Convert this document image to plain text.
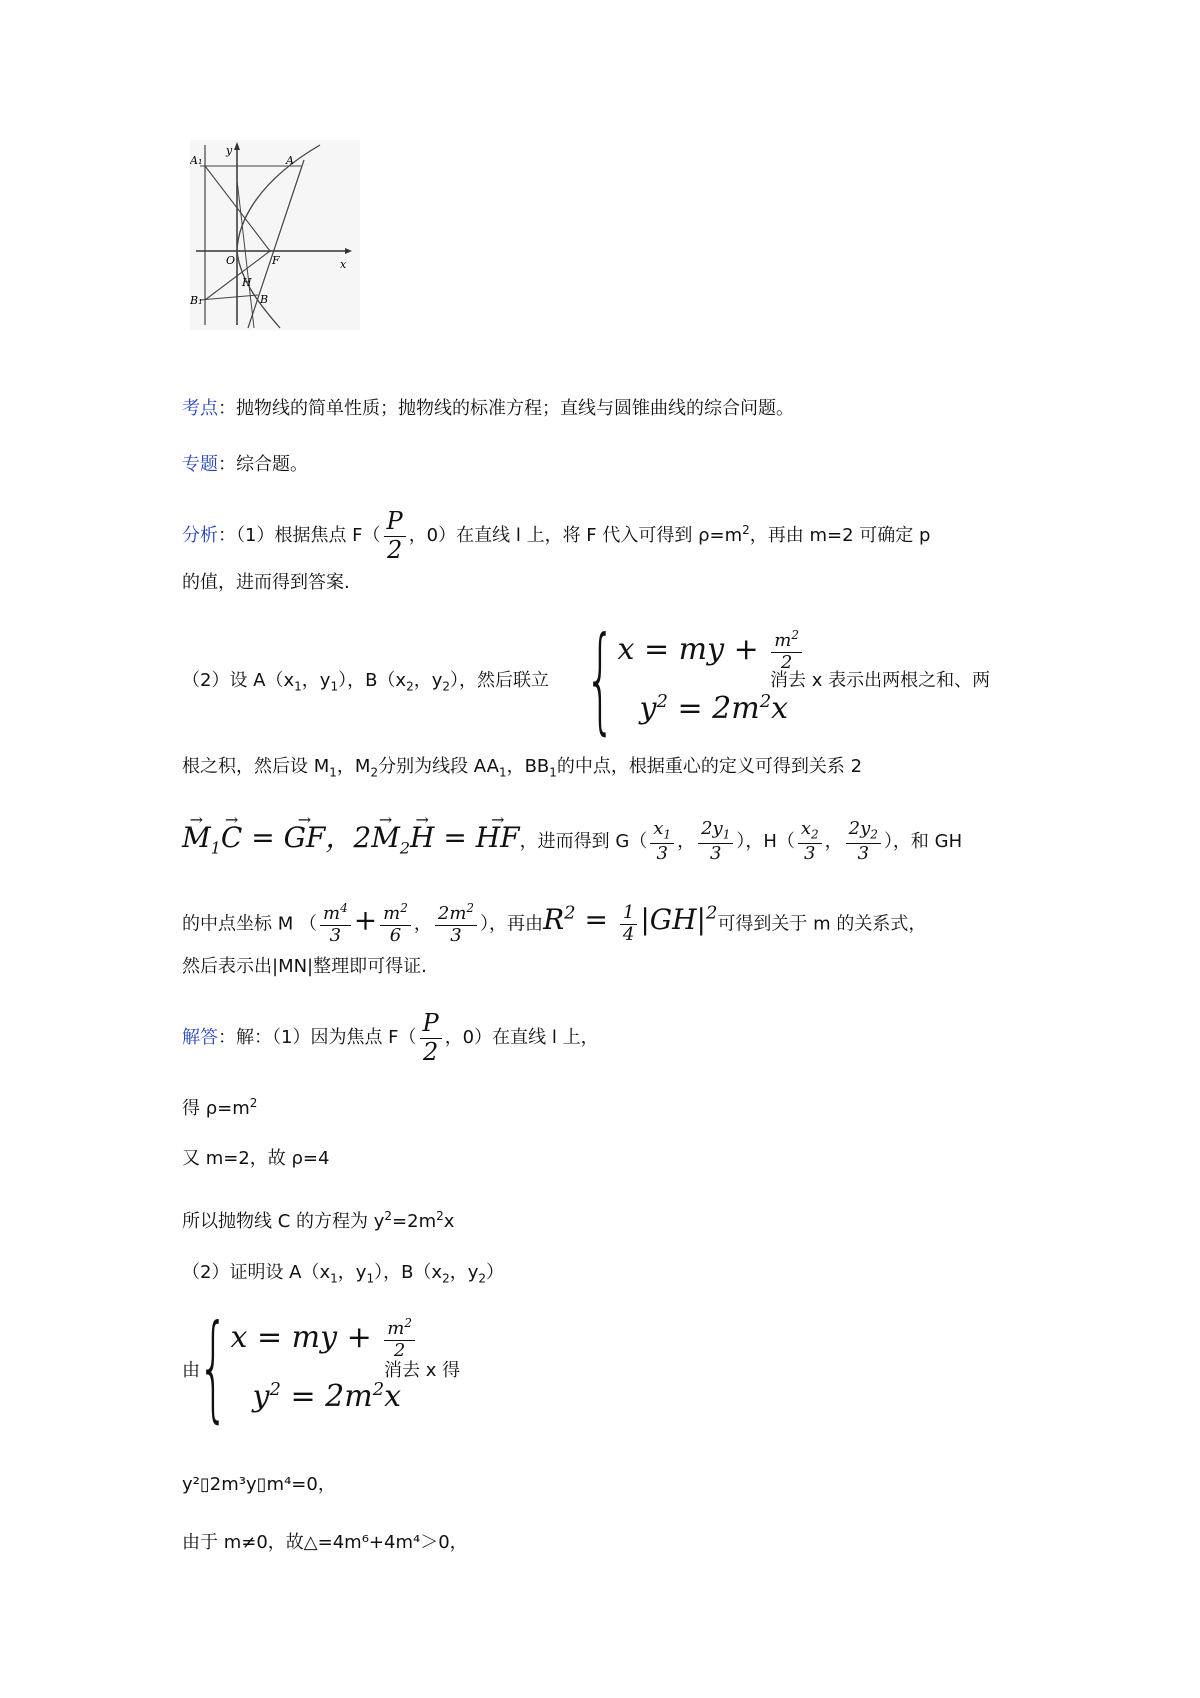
A₁
y
A
O	F	x
B₁
H
B
考点：抛物线的简单性质；抛物线的标准方程；直线与圆锥曲线的综合问题。
专题：综合题。
分析：（1）根据焦点 $F( \frac{P}{2}$ ，0）在直线 l 上，将 F 代入可得到 $\rho=m^2$，再由 m=2 可确定 p
的值，进而得到答案.
（2）设 $A(x_1$，$y_1$），$B(x_2$，$y_2$），然后联立 { x = my + $\frac{m^2}{2}$
$y^2 = 2m^2x$
消去 x 表示出两根之和、两
根之积，然后设 $M_1$，$M_2$分别为线段 $AA_1$，$BB_1$的中点，根据重心的定义可得到关系 2
→ $M_1\to C$ = → GF，$2\to M_2\to H$ = → HF，进而得到 $G( \frac{x_1}{3}$ ， $\frac{2y_1}{3}$ ），$H( \frac{x_2}{3}$ ， $\frac{2y_2}{3}$ ），和 GH
的中点坐标 M （ $\frac{m^4}{3} + \frac{m^2}{6}$ ， $\frac{2m^2}{3}$ ），再由$R^2 = \frac{1}{4} |GH|^2$可得到关于 m 的关系式，
然后表示出|MN|整理即可得证.
解答：解：（1）因为焦点 $F( \frac{P}{2}$ ，0）在直线 l 上，
得 $\rho=m^2$
又 m=2，故 ρ=4
所以抛物线 C 的方程为 $y^2=2m^2x$
（2）证明设 $A(x_1$，$y_1$），$B(x_2$，$y_2$）
由
{ x = my + $\frac{m^2}{2}$
$y^2 = 2m^2x$
消去 x 得
y²▯2m³y▯m⁴=0，
由于 m≠0，故△=4m⁶+4m⁴＞0，
